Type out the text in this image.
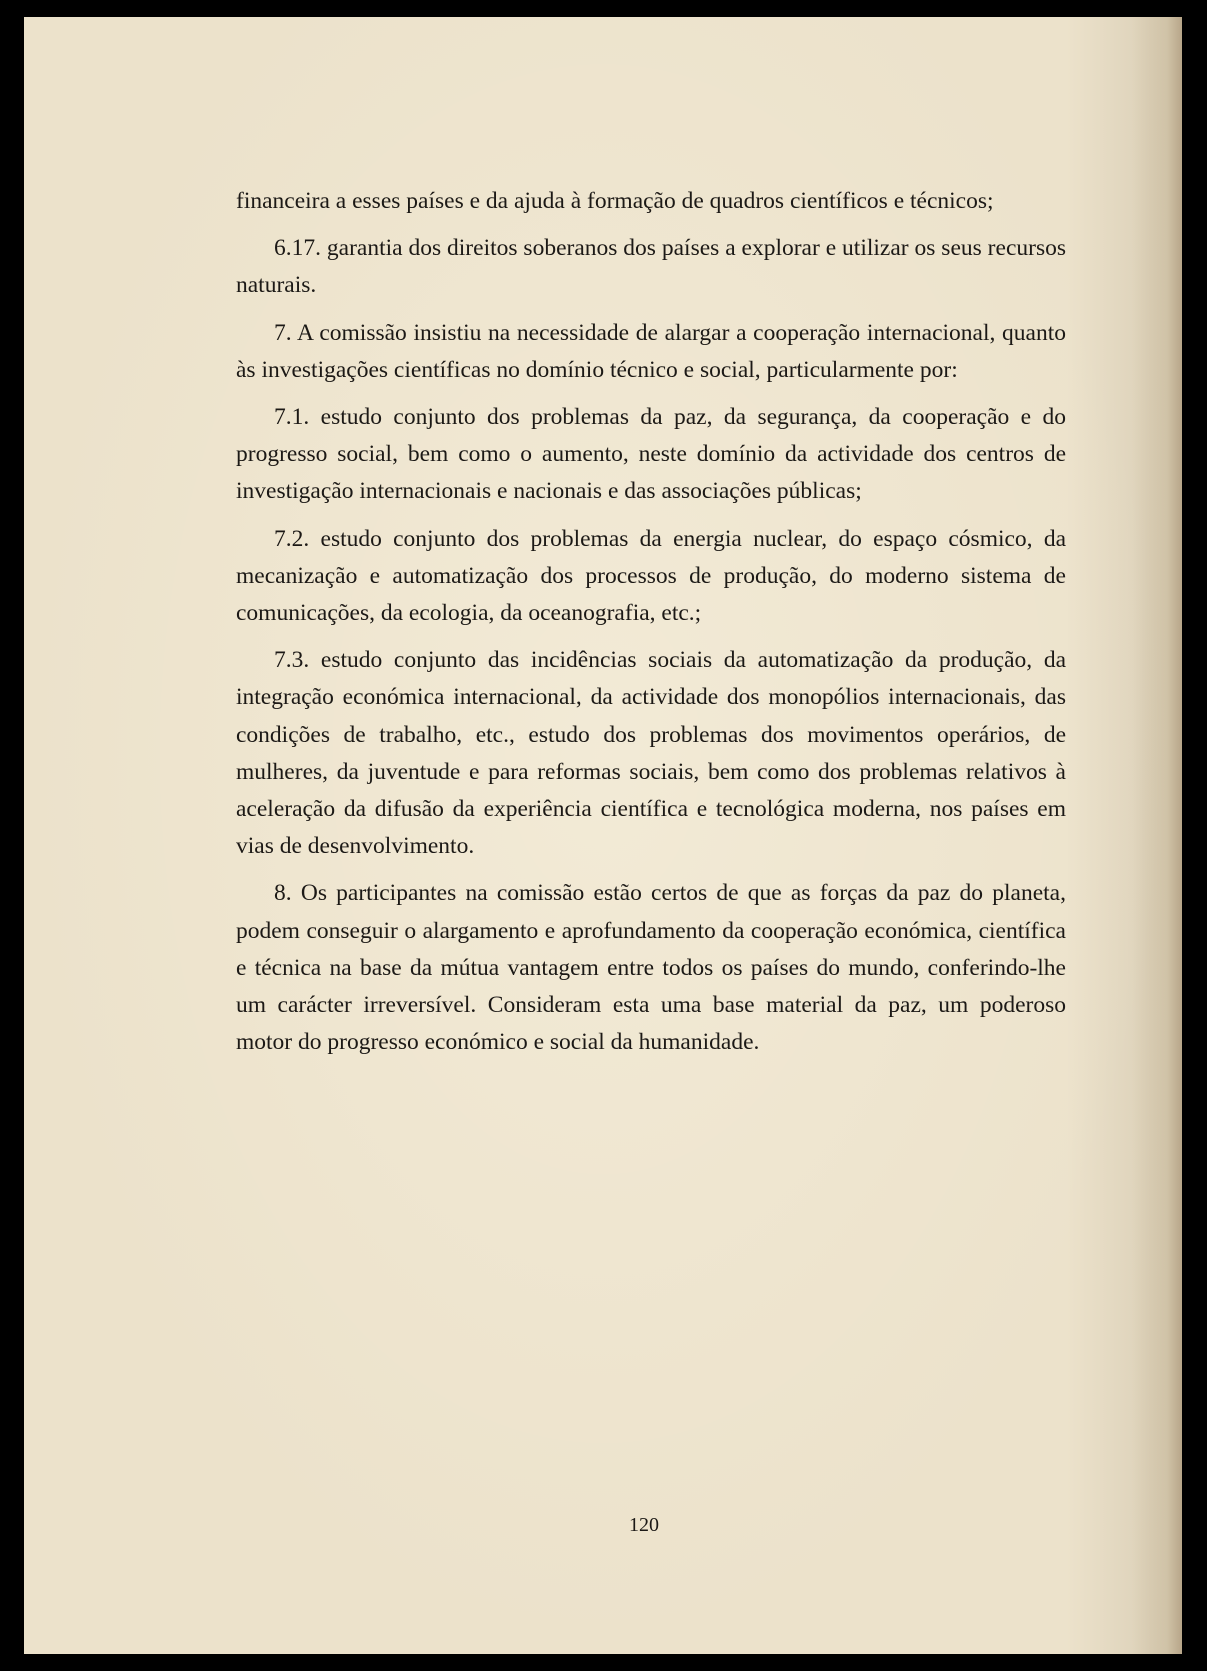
financeira a esses países e da ajuda à formação de quadros científicos e técnicos;

6.17. garantia dos direitos soberanos dos países a explorar e utilizar os seus recursos naturais.

7. A comissão insistiu na necessidade de alargar a cooperação internacional, quanto às investigações científicas no domínio técnico e social, particularmente por:

7.1. estudo conjunto dos problemas da paz, da segurança, da cooperação e do progresso social, bem como o aumento, neste domínio da actividade dos centros de investigação internacionais e nacionais e das associações públicas;

7.2. estudo conjunto dos problemas da energia nuclear, do espaço cósmico, da mecanização e automatização dos processos de produção, do moderno sistema de comunicações, da ecologia, da oceanografia, etc.;

7.3. estudo conjunto das incidências sociais da automatização da produção, da integração económica internacional, da actividade dos monopólios internacionais, das condições de trabalho, etc., estudo dos problemas dos movimentos operários, de mulheres, da juventude e para reformas sociais, bem como dos problemas relativos à aceleração da difusão da experiência científica e tecnológica moderna, nos países em vias de desenvolvimento.

8. Os participantes na comissão estão certos de que as forças da paz do planeta, podem conseguir o alargamento e aprofundamento da cooperação económica, científica e técnica na base da mútua vantagem entre todos os países do mundo, conferindo-lhe um carácter irreversível. Consideram esta uma base material da paz, um poderoso motor do progresso económico e social da humanidade.

120
